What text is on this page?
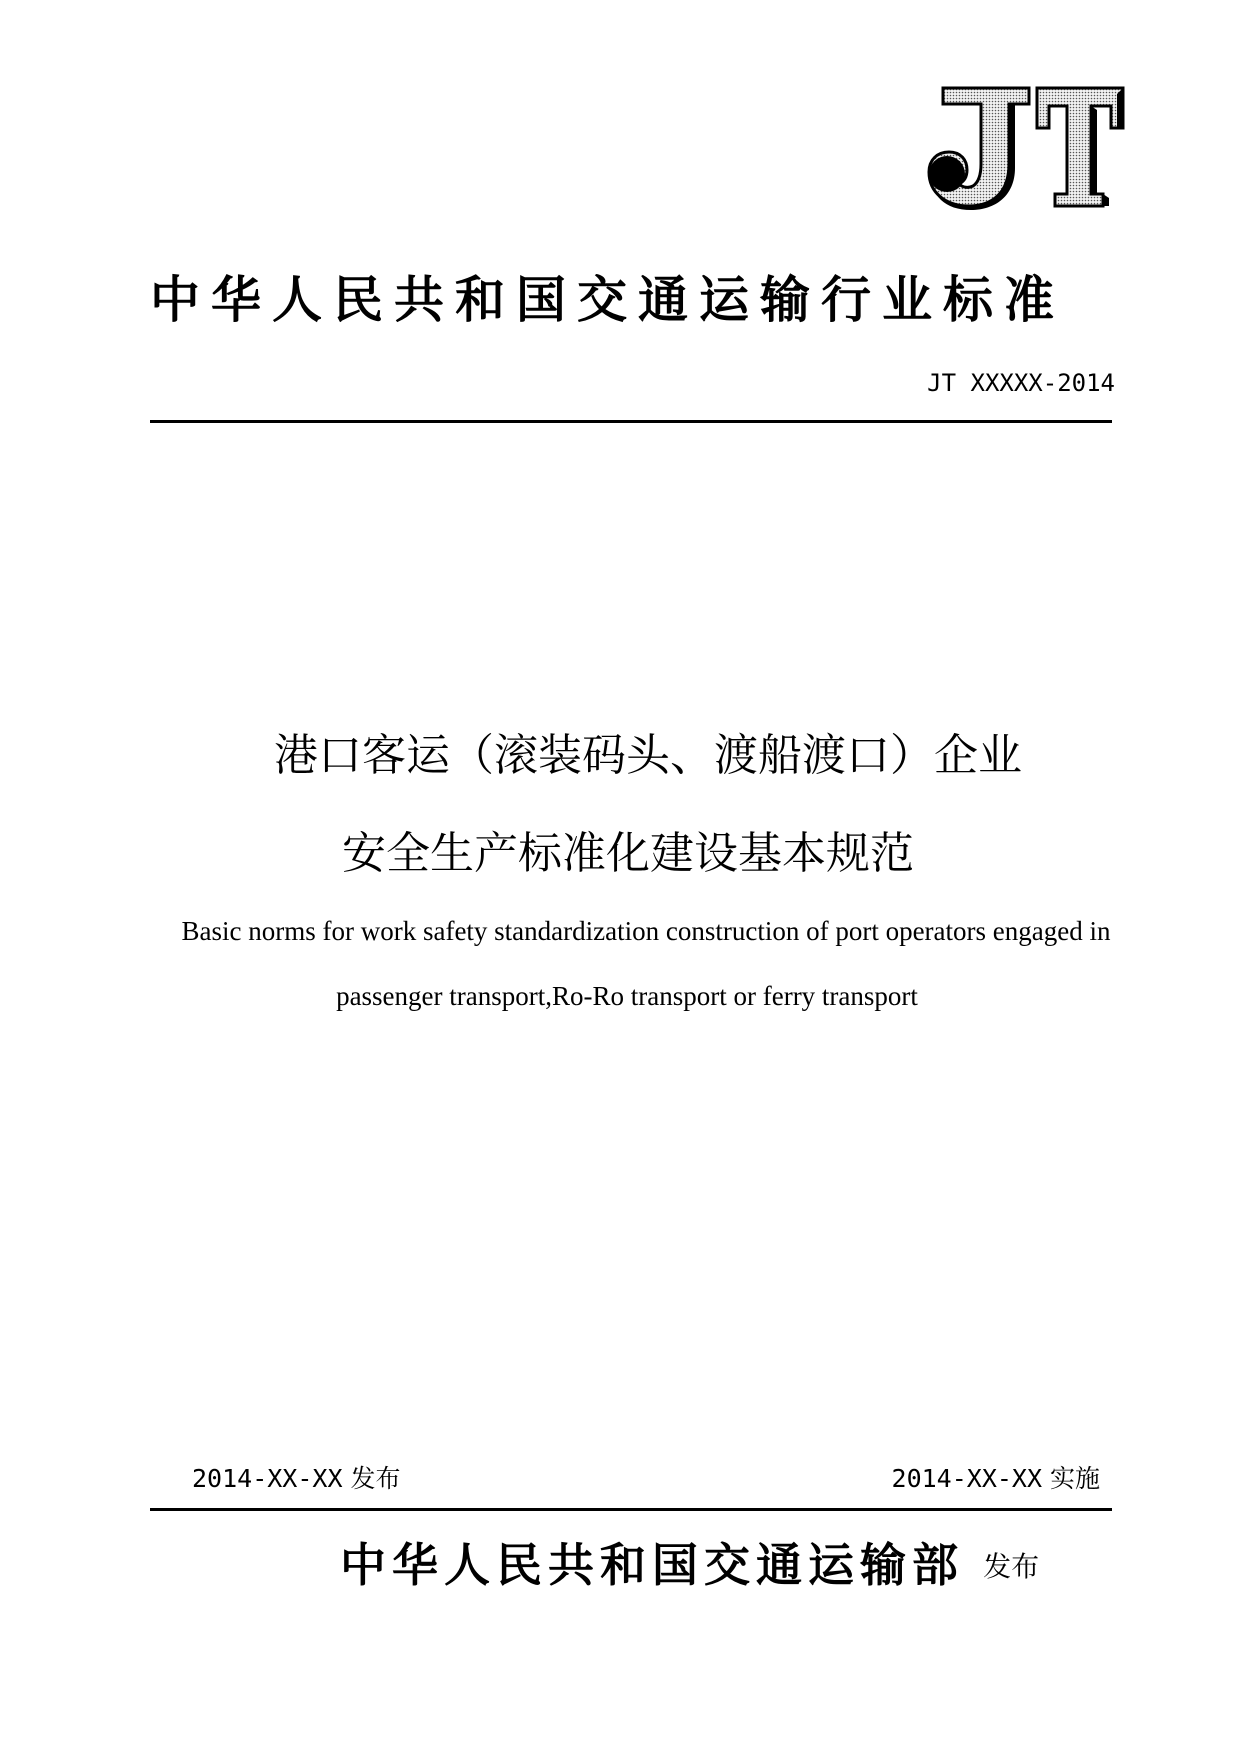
中华人民共和国交通运输行业标准
JT XXXXX-2014
港口客运（滚装码头、渡船渡口）企业
安全生产标准化建设基本规范
Basic norms for work safety standardization construction of port operators engaged in
passenger transport,Ro-Ro transport or ferry transport
2014-XX-XX 发布	2014-XX-XX 实施
中华人民共和国交通运输部 发布
